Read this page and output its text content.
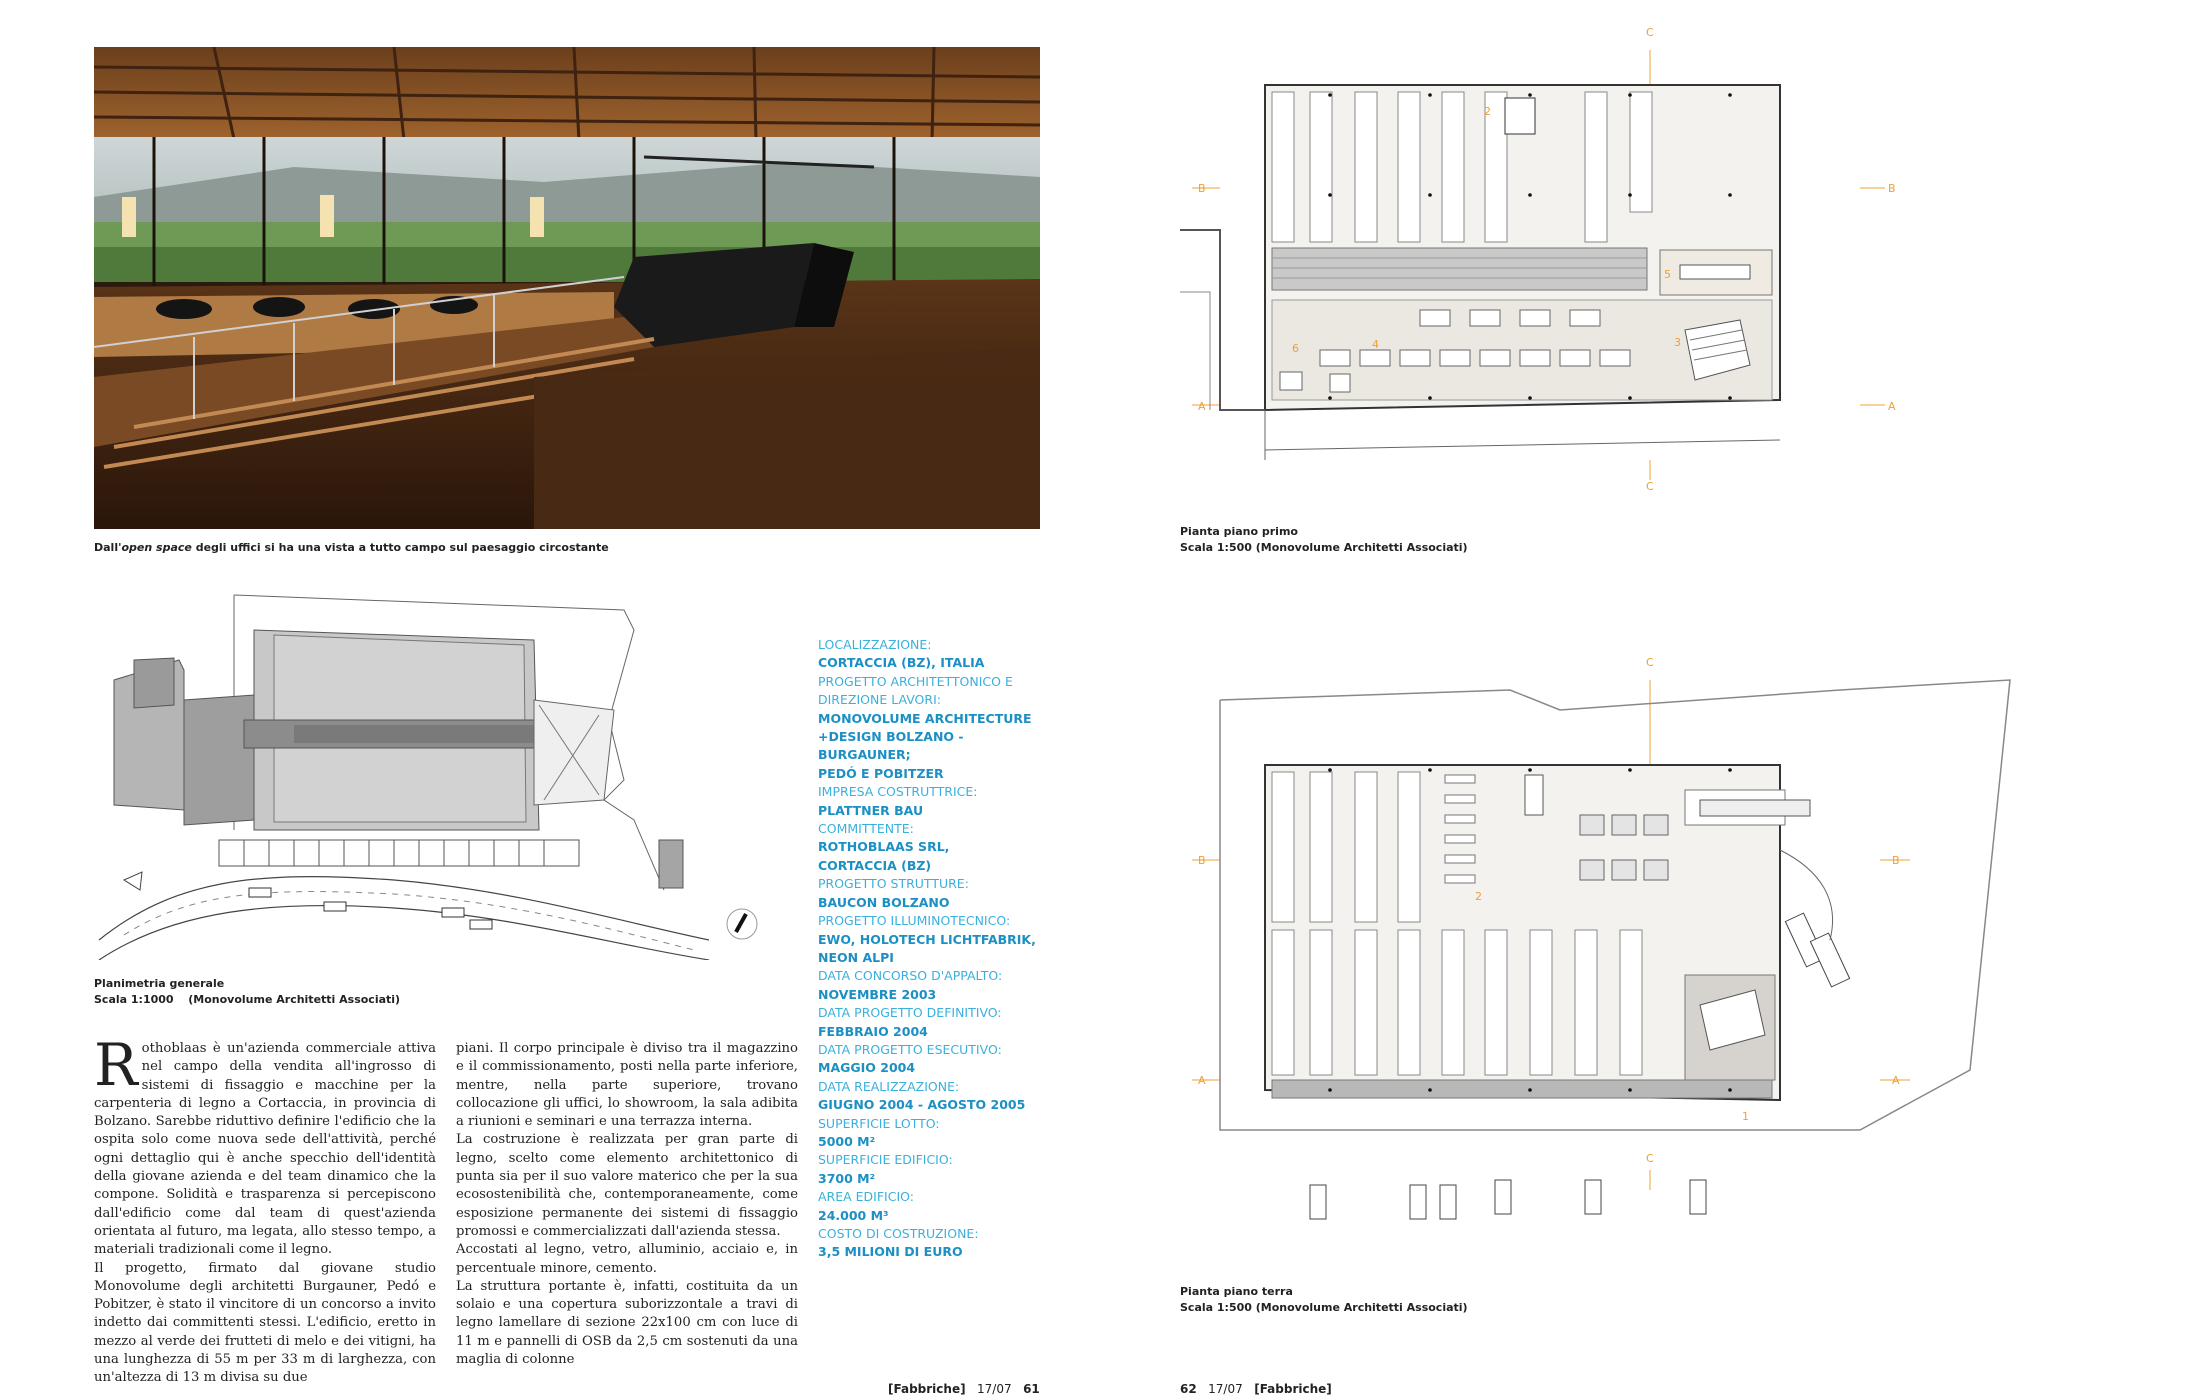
Dall'open space degli uffici si ha una vista a tutto campo sul paesaggio circostante
Planimetria generale
Scala 1:1000 (Monovolume Architetti Associati)
LOCALIZZAZIONE:
CORTACCIA (BZ), ITALIA
PROGETTO ARCHITETTONICO E DIREZIONE LAVORI:
MONOVOLUME ARCHITECTURE
+DESIGN BOLZANO - BURGAUNER;
PEDÓ E POBITZER
IMPRESA COSTRUTTRICE:
PLATTNER BAU
COMMITTENTE:
ROTHOBLAAS SRL,
CORTACCIA (BZ)
PROGETTO STRUTTURE:
BAUCON BOLZANO
PROGETTO ILLUMINOTECNICO:
EWO, HOLOTECH LICHTFABRIK,
NEON ALPI
DATA CONCORSO D'APPALTO:
NOVEMBRE 2003
DATA PROGETTO DEFINITIVO:
FEBBRAIO 2004
DATA PROGETTO ESECUTIVO:
MAGGIO 2004
DATA REALIZZAZIONE:
GIUGNO 2004 - AGOSTO 2005
SUPERFICIE LOTTO:
5000 M²
SUPERFICIE EDIFICIO:
3700 M²
AREA EDIFICIO:
24.000 M³
COSTO DI COSTRUZIONE:
3,5 MILIONI DI EURO
R othoblaas è un'azienda commerciale attiva nel campo della vendita all'ingrosso di sistemi di fissaggio e macchine per la carpenteria di legno a Cortaccia, in provincia di Bolzano. Sarebbe riduttivo definire l'edificio che la ospita solo come nuova sede dell'attività, perché ogni dettaglio qui è anche specchio dell'identità della giovane azienda e del team dinamico che la compone. Solidità e trasparenza si percepiscono dall'edificio come dal team di quest'azienda orientata al futuro, ma legata, allo stesso tempo, a materiali tradizionali come il legno.

Il progetto, firmato dal giovane studio Monovolume degli architetti Burgauner, Pedó e Pobitzer, è stato il vincitore di un concorso a invito indetto dai committenti stessi. L'edificio, eretto in mezzo al verde dei frutteti di melo e dei vitigni, ha una lunghezza di 55 m per 33 m di larghezza, con un'altezza di 13 m divisa su due

piani. Il corpo principale è diviso tra il magazzino e il commissionamento, posti nella parte inferiore, mentre, nella parte superiore, trovano collocazione gli uffici, lo showroom, la sala adibita a riunioni e seminari e una terrazza interna.

La costruzione è realizzata per gran parte di legno, scelto come elemento architettonico di punta sia per il suo valore materico che per la sua ecosostenibilità che, contemporaneamente, come esposizione permanente dei sistemi di fissaggio promossi e commercializzati dall'azienda stessa.

Accostati al legno, vetro, alluminio, acciaio e, in percentuale minore, cemento.

La struttura portante è, infatti, costituita da un solaio e una copertura suborizzontale a travi di legno lamellare di sezione 22x100 cm con luce di 11 m e pannelli di OSB da 2,5 cm sostenuti da una maglia di colonne

[Fabbriche] 17/07 61
C
C
B	B
A	A
2
5
3
6	4
Pianta piano primo
Scala 1:500 (Monovolume Architetti Associati)
C
C
B	B
A	A
2
1
Pianta piano terra
Scala 1:500 (Monovolume Architetti Associati)
62 17/07 [Fabbriche]
